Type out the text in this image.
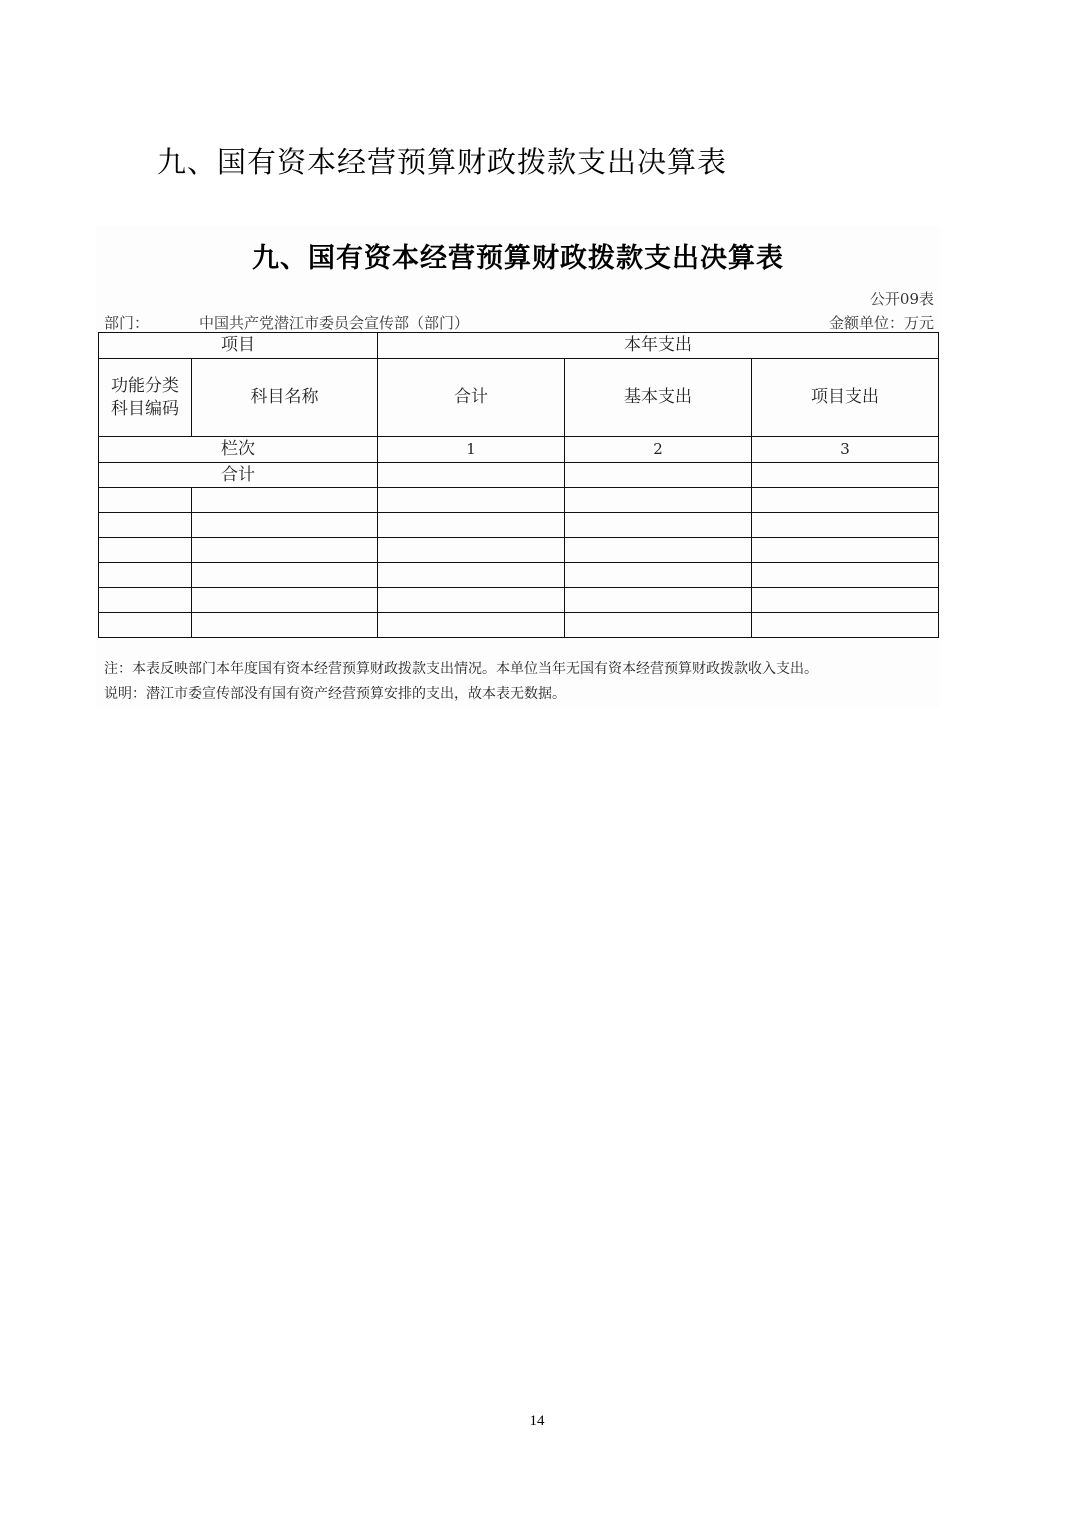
九、国有资本经营预算财政拨款支出决算表
九、国有资本经营预算财政拨款支出决算表
公开09表
部门：	中国共产党潜江市委员会宣传部（部门）	金额单位：万元
项目		本年支出		
功能分类科目编码	科目名称	合计	基本支出	项目支出
栏次		1	2	3
合计				

注：本表反映部门本年度国有资本经营预算财政拨款支出情况。本单位当年无国有资本经营预算财政拨款收入支出。
说明：潜江市委宣传部没有国有资产经营预算安排的支出，故本表无数据。
14
